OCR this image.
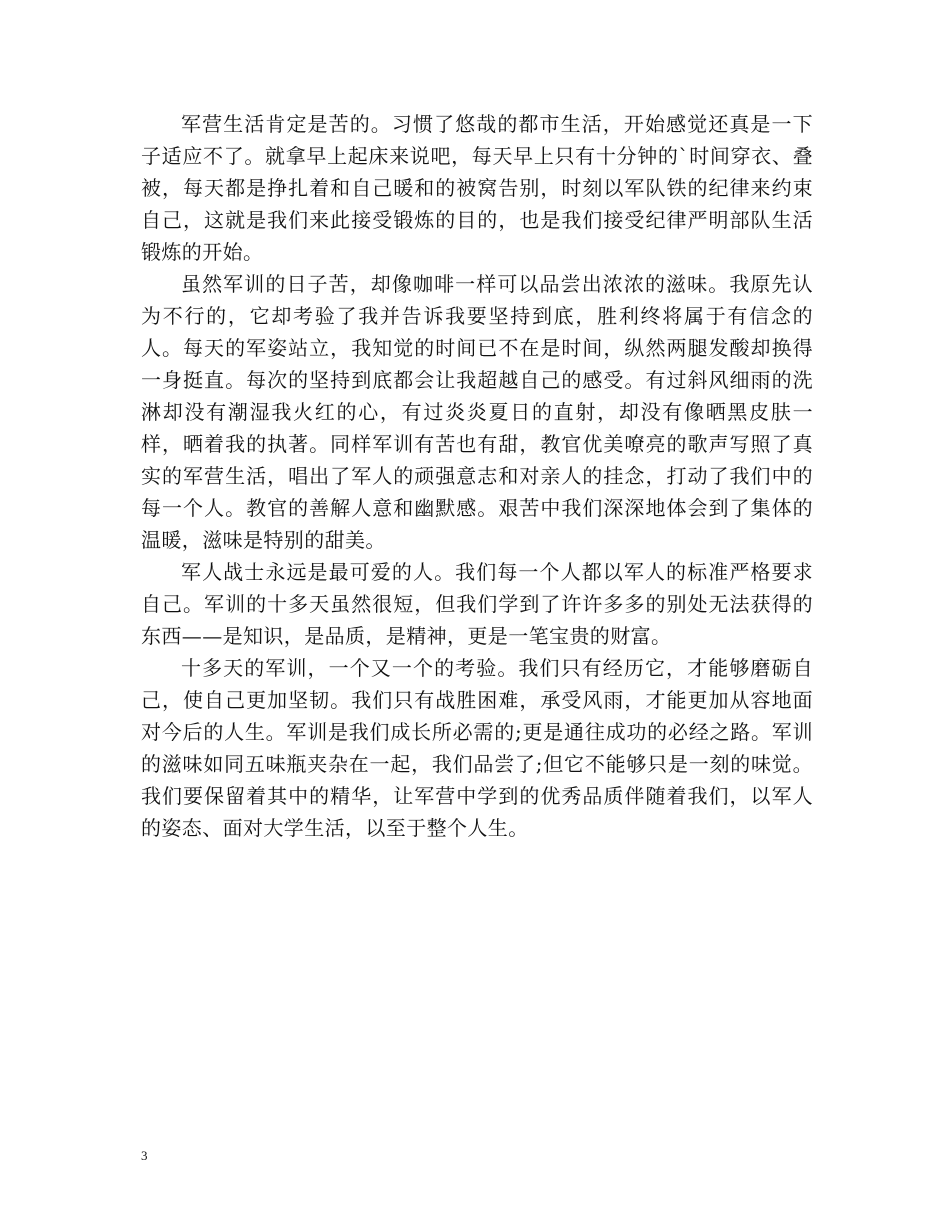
军营生活肯定是苦的。习惯了悠哉的都市生活，开始感觉还真是一下子适应不了。就拿早上起床来说吧，每天早上只有十分钟的`时间穿衣、叠被，每天都是挣扎着和自己暖和的被窝告别，时刻以军队铁的纪律来约束自己，这就是我们来此接受锻炼的目的，也是我们接受纪律严明部队生活锻炼的开始。

虽然军训的日子苦，却像咖啡一样可以品尝出浓浓的滋味。我原先认为不行的，它却考验了我并告诉我要坚持到底，胜利终将属于有信念的人。每天的军姿站立，我知觉的时间已不在是时间，纵然两腿发酸却换得一身挺直。每次的坚持到底都会让我超越自己的感受。有过斜风细雨的洗淋却没有潮湿我火红的心，有过炎炎夏日的直射，却没有像晒黑皮肤一样，晒着我的执著。同样军训有苦也有甜，教官优美嘹亮的歌声写照了真实的军营生活，唱出了军人的顽强意志和对亲人的挂念，打动了我们中的每一个人。教官的善解人意和幽默感。艰苦中我们深深地体会到了集体的温暖，滋味是特别的甜美。

军人战士永远是最可爱的人。我们每一个人都以军人的标准严格要求自己。军训的十多天虽然很短，但我们学到了许许多多的别处无法获得的东西——是知识，是品质，是精神，更是一笔宝贵的财富。

十多天的军训，一个又一个的考验。我们只有经历它，才能够磨砺自己，使自己更加坚韧。我们只有战胜困难，承受风雨，才能更加从容地面对今后的人生。军训是我们成长所必需的;更是通往成功的必经之路。军训的滋味如同五味瓶夹杂在一起，我们品尝了;但它不能够只是一刻的味觉。我们要保留着其中的精华，让军营中学到的优秀品质伴随着我们，以军人的姿态、面对大学生活，以至于整个人生。

3
